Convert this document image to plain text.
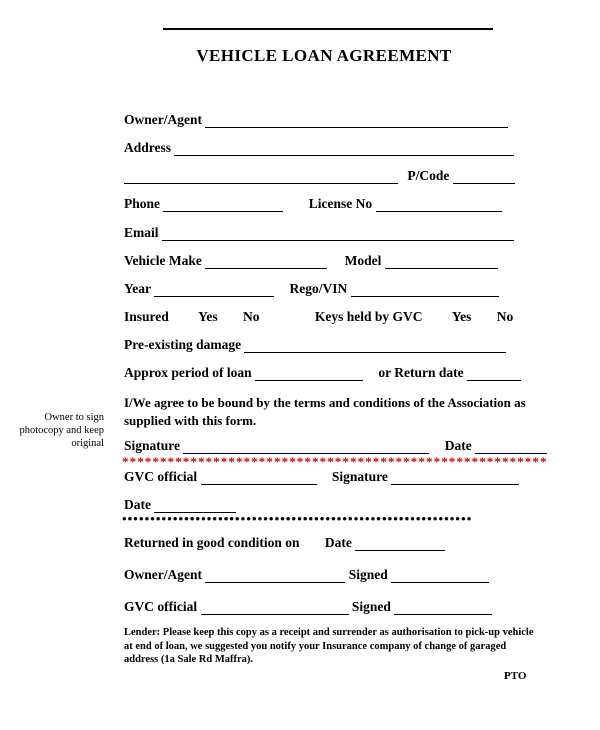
VEHICLE LOAN AGREEMENT
Owner/Agent
Address
P/Code
Phone	License No
Email
Vehicle Make	Model
Year	Rego/VIN
Insured Yes No	Keys held by GVC Yes No
Pre-existing damage
Approx period of loan	or Return date
I/We agree to be bound by the terms and conditions of the Association as supplied with this form.
Signature	Date
********************************************************
GVC official	Signature
Date
••••••••••••••••••••••••••••••••••••••••••••••••••••••••••••••
Returned in good condition on Date
Owner/Agent	Signed
GVC official	Signed
Lender: Please keep this copy as a receipt and surrender as authorisation to pick-up vehicle at end of loan, we suggested you notify your Insurance company of change of garaged address (1a Sale Rd Maffra).
PTO
Owner to sign photocopy and keep original
